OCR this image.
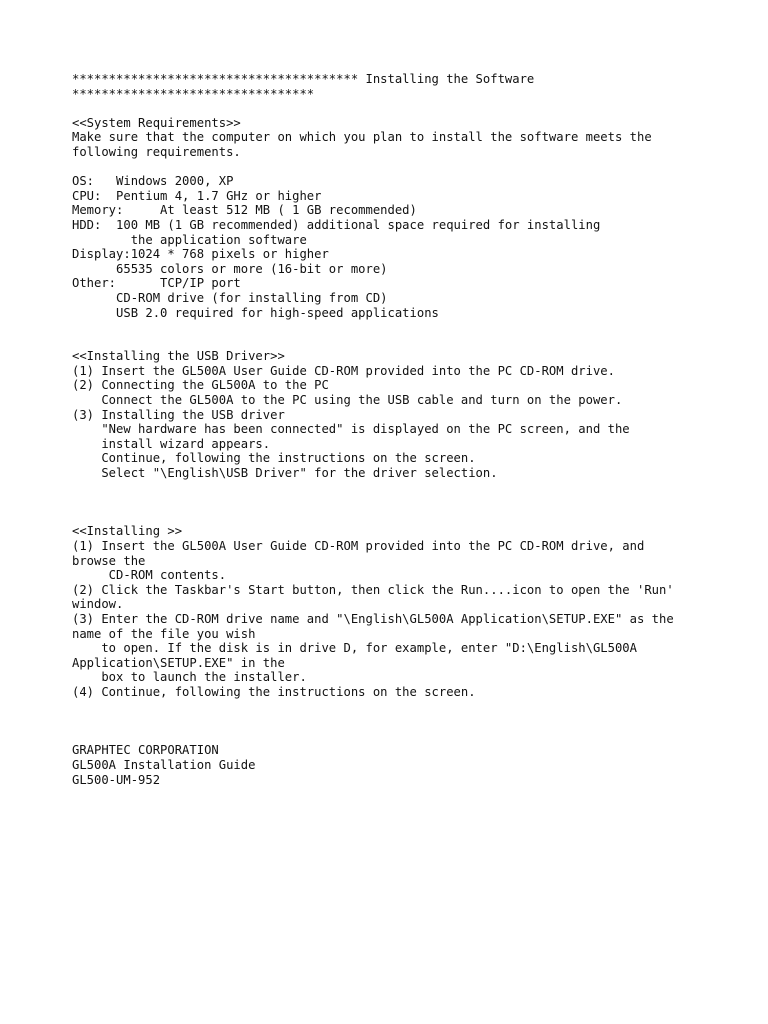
*************************************** Installing the Software
*********************************
<<System Requirements>>
Make sure that the computer on which you plan to install the software meets the
following requirements.
OS:   Windows 2000, XP
CPU:  Pentium 4, 1.7 GHz or higher
Memory:     At least 512 MB ( 1 GB recommended)
HDD:  100 MB (1 GB recommended) additional space required for installing
the application software
Display:1024 * 768 pixels or higher
65535 colors or more (16-bit or more)
Other:      TCP/IP port
CD-ROM drive (for installing from CD)
USB 2.0 required for high-speed applications
<<Installing the USB Driver>>
(1) Insert the GL500A User Guide CD-ROM provided into the PC CD-ROM drive.
(2) Connecting the GL500A to the PC
Connect the GL500A to the PC using the USB cable and turn on the power.
(3) Installing the USB driver
"New hardware has been connected" is displayed on the PC screen, and the
install wizard appears.
Continue, following the instructions on the screen.
Select "\English\USB Driver" for the driver selection.
<<Installing >>
(1) Insert the GL500A User Guide CD-ROM provided into the PC CD-ROM drive, and
browse the
CD-ROM contents.
(2) Click the Taskbar's Start button, then click the Run....icon to open the 'Run'
window.
(3) Enter the CD-ROM drive name and "\English\GL500A Application\SETUP.EXE" as the
name of the file you wish
to open. If the disk is in drive D, for example, enter "D:\English\GL500A
Application\SETUP.EXE" in the
box to launch the installer.
(4) Continue, following the instructions on the screen.
GRAPHTEC CORPORATION
GL500A Installation Guide
GL500-UM-952
